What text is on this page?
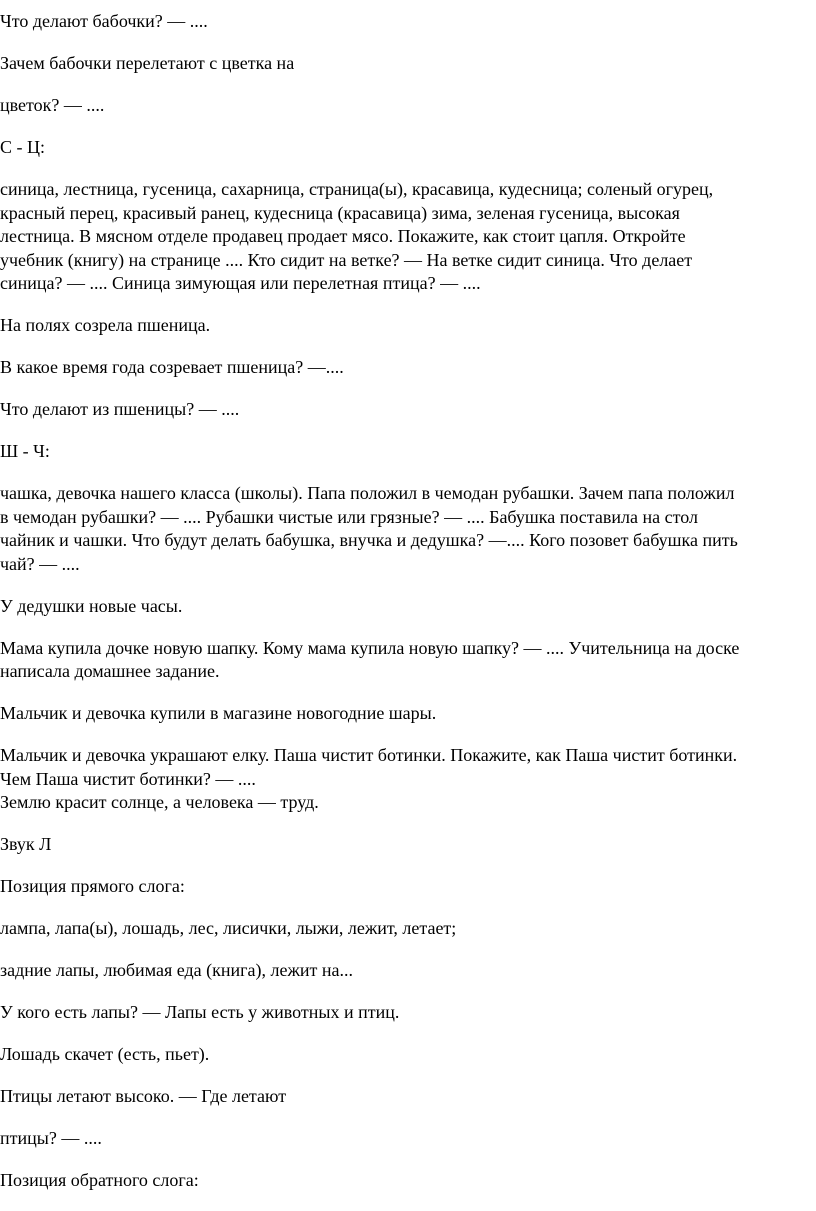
Что делают бабочки? — ....

Зачем бабочки перелетают с цветка на

цветок? — ....

С - Ц:

синица, лестница, гусеница, сахарница, страница(ы), красавица, кудесница; соленый огурец,
красный перец, красивый ранец, кудесница (красавица) зима, зеленая гусеница, высокая
лестница. В мясном отделе продавец продает мясо. Покажите, как стоит цапля. Откройте
учебник (книгу) на странице .... Кто сидит на ветке? — На ветке сидит синица. Что делает
синица? — .... Синица зимующая или перелетная птица? — ....

На полях созрела пшеница.

В какое время года созревает пшеница? —....

Что делают из пшеницы? — ....

Ш - Ч:

чашка, девочка нашего класса (школы). Папа положил в чемодан рубашки. Зачем папа положил
в чемодан рубашки? — .... Рубашки чистые или грязные? — .... Бабушка поставила на стол
чайник и чашки. Что будут делать бабушка, внучка и дедушка? —.... Кого позовет бабушка пить
чай? — ....

У дедушки новые часы.

Мама купила дочке новую шапку. Кому мама купила новую шапку? — .... Учительница на доске
написала домашнее задание.

Мальчик и девочка купили в магазине новогодние шары.

Мальчик и девочка украшают елку. Паша чистит ботинки. Покажите, как Паша чистит ботинки.
Чем Паша чистит ботинки? — ....
Землю красит солнце, а человека — труд.

Звук Л

Позиция прямого слога:

лампа, лапа(ы), лошадь, лес, лисички, лыжи, лежит, летает;

задние лапы, любимая еда (книга), лежит на...

У кого есть лапы? — Лапы есть у животных и птиц.

Лошадь скачет (есть, пьет).

Птицы летают высоко. — Где летают

птицы? — ....

Позиция обратного слога:
